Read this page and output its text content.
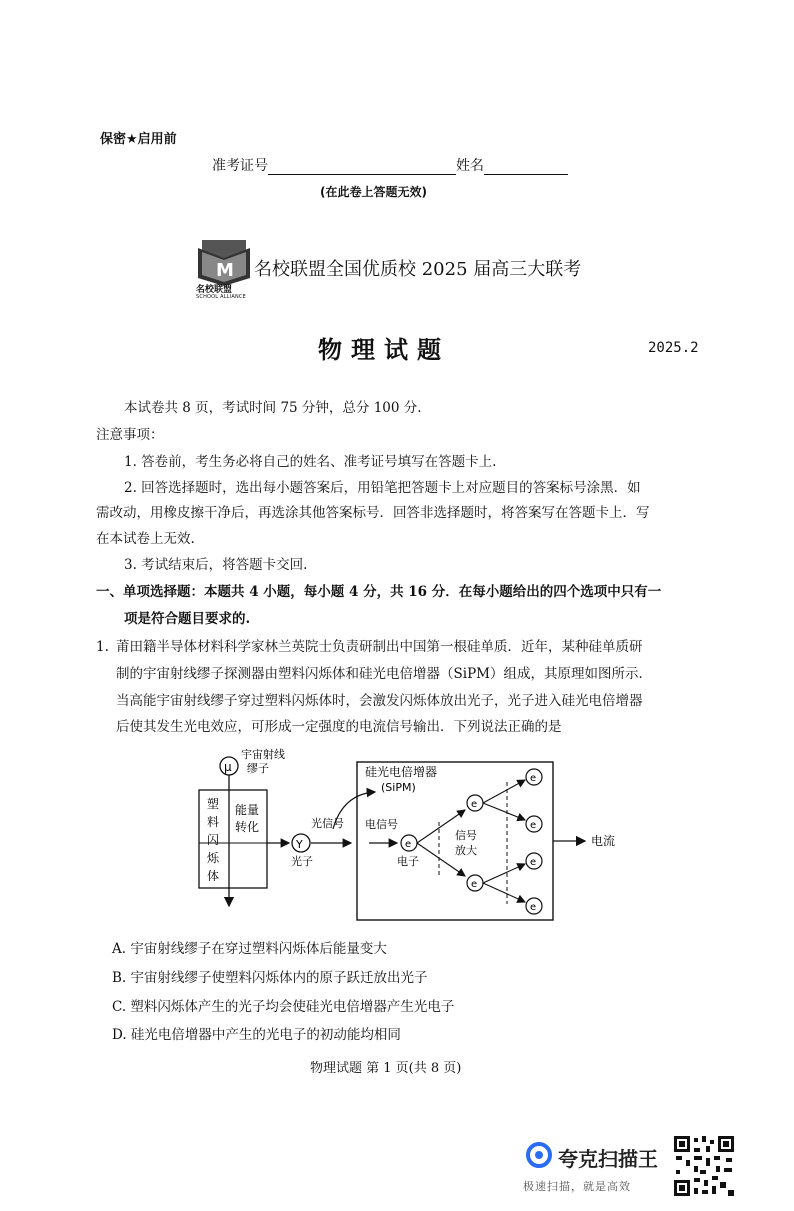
保密★启用前
准考证号	姓名
(在此卷上答题无效)
M
名校联盟
SCHOOL ALLIANCE
名校联盟全国优质校 2025 届高三大联考
物理试题	2025.2
本试卷共 8 页，考试时间 75 分钟，总分 100 分.
注意事项：
1. 答卷前，考生务必将自己的姓名、准考证号填写在答题卡上.
2. 回答选择题时，选出每小题答案后，用铅笔把答题卡上对应题目的答案标号涂黑．如
需改动，用橡皮擦干净后，再选涂其他答案标号．回答非选择题时，将答案写在答题卡上．写
在本试卷上无效.
3. 考试结束后，将答题卡交回.
一、单项选择题：本题共 4 小题，每小题 4 分，共 16 分．在每小题给出的四个选项中只有一
项是符合题目要求的.
1. 莆田籍半导体材料科学家林兰英院士负责研制出中国第一根硅单质．近年，某种硅单质研
制的宇宙射线缪子探测器由塑料闪烁体和硅光电倍增器（SiPM）组成，其原理如图所示．
当高能宇宙射线缪子穿过塑料闪烁体时，会激发闪烁体放出光子，光子进入硅光电倍增器
后使其发生光电效应，可形成一定强度的电流信号输出．下列说法正确的是
μ
宇宙射线
缪子
塑
料
闪
烁
体
能量
转化
Y
光子
光信号
硅光电倍增器
(SiPM)
电信号
e
电子
信号
放大
e
e
e
e
e
e
电流
A. 宇宙射线缪子在穿过塑料闪烁体后能量变大
B. 宇宙射线缪子使塑料闪烁体内的原子跃迁放出光子
C. 塑料闪烁体产生的光子均会使硅光电倍增器产生光电子
D. 硅光电倍增器中产生的光电子的初动能均相同
物理试题 第 1 页(共 8 页)
夸克扫描王
极速扫描，就是高效
